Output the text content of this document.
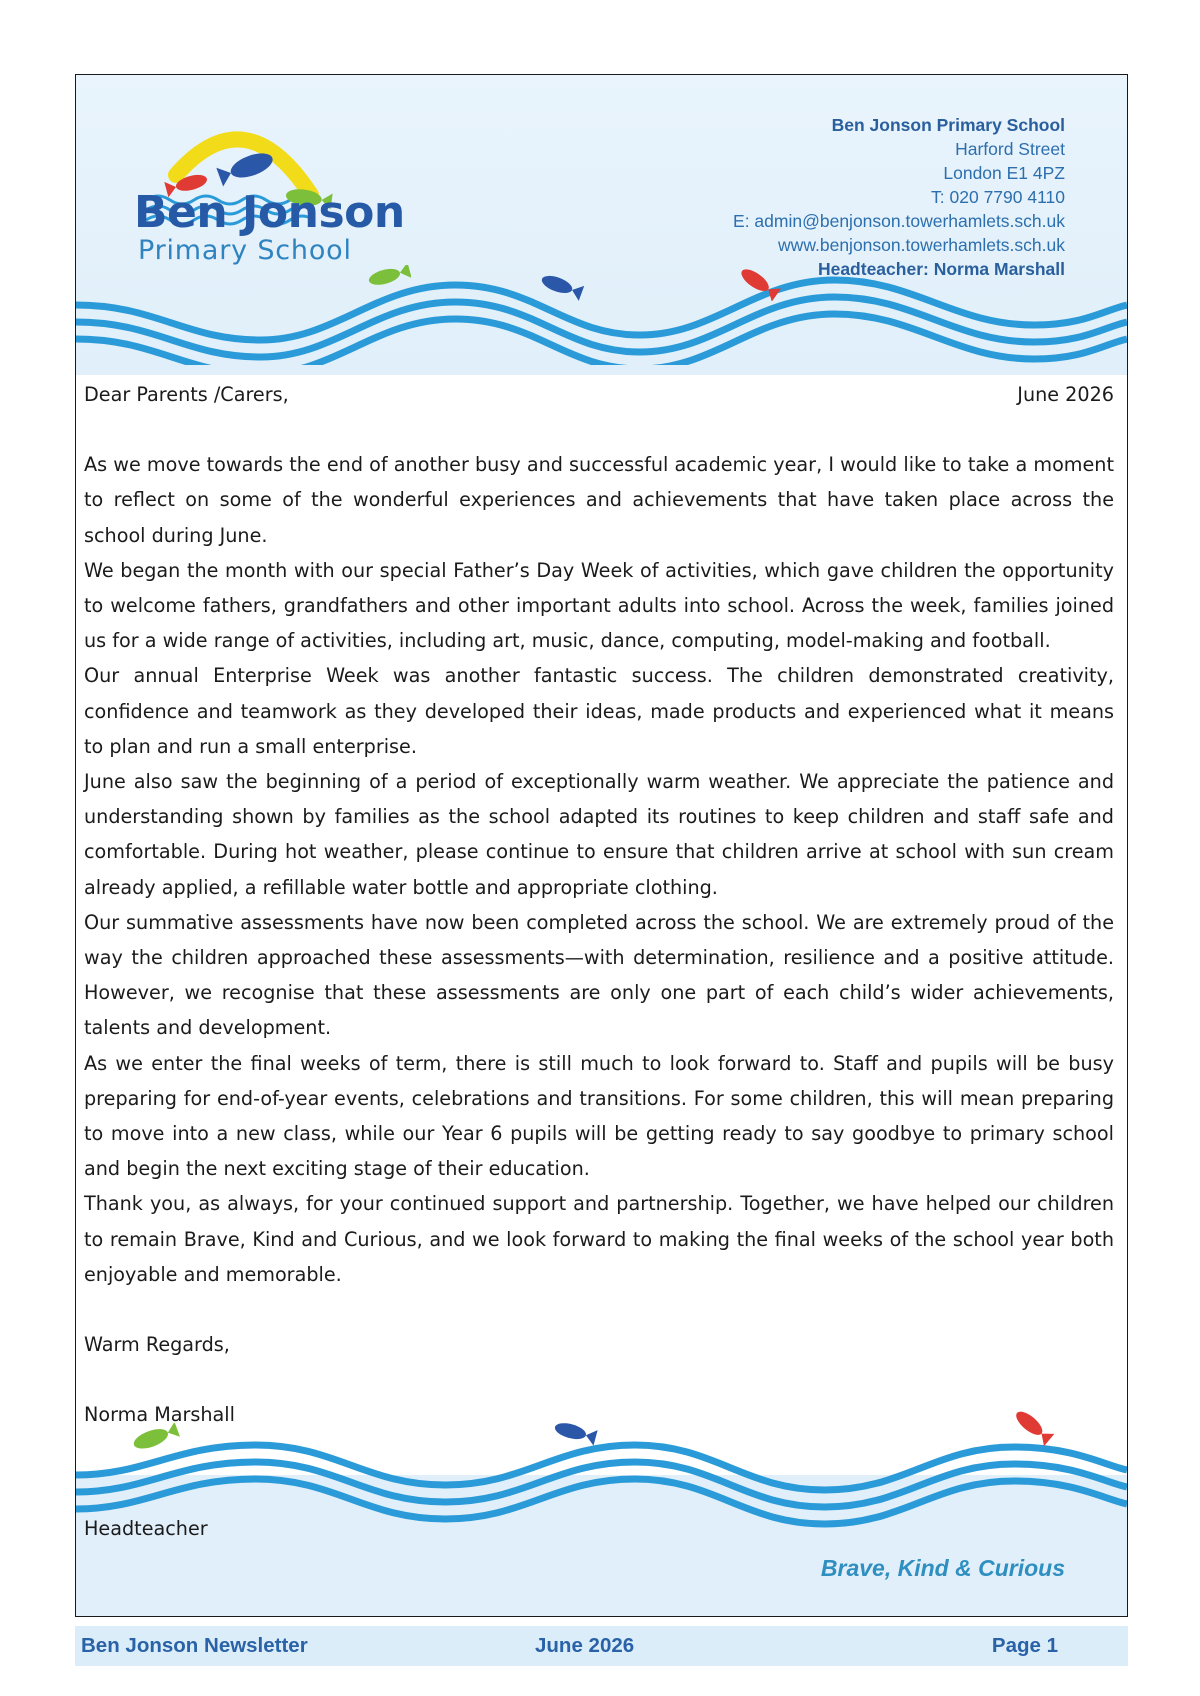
Ben Jonson
Primary School
Ben Jonson Primary School
Harford Street
London E1 4PZ
T: 020 7790 4110
E: admin@benjonson.towerhamlets.sch.uk
www.benjonson.towerhamlets.sch.uk
Headteacher: Norma Marshall
Dear Parents /Carers,	June 2026

As we move towards the end of another busy and successful academic year, I would like to take a moment to reflect on some of the wonderful experiences and achievements that have taken place across the school during June.

We began the month with our special Father’s Day Week of activities, which gave children the opportunity to welcome fathers, grandfathers and other important adults into school. Across the week, families joined us for a wide range of activities, including art, music, dance, computing, model-making and football.

Our annual Enterprise Week was another fantastic success. The children demonstrated creativity, confidence and teamwork as they developed their ideas, made products and experienced what it means to plan and run a small enterprise.

June also saw the beginning of a period of exceptionally warm weather. We appreciate the patience and understanding shown by families as the school adapted its routines to keep children and staff safe and comfortable. During hot weather, please continue to ensure that children arrive at school with sun cream already applied, a refillable water bottle and appropriate clothing.

Our summative assessments have now been completed across the school. We are extremely proud of the way the children approached these assessments—with determination, resilience and a positive attitude. However, we recognise that these assessments are only one part of each child’s wider achievements, talents and development.

As we enter the final weeks of term, there is still much to look forward to. Staff and pupils will be busy preparing for end-of-year events, celebrations and transitions. For some children, this will mean preparing to move into a new class, while our Year 6 pupils will be getting ready to say goodbye to primary school and begin the next exciting stage of their education.

Thank you, as always, for your continued support and partnership. Together, we have helped our children to remain Brave, Kind and Curious, and we look forward to making the final weeks of the school year both enjoyable and memorable.

Warm Regards,
Norma Marshall
Headteacher
Brave, Kind & Curious
Ben Jonson Newsletter	June 2026	Page 1
